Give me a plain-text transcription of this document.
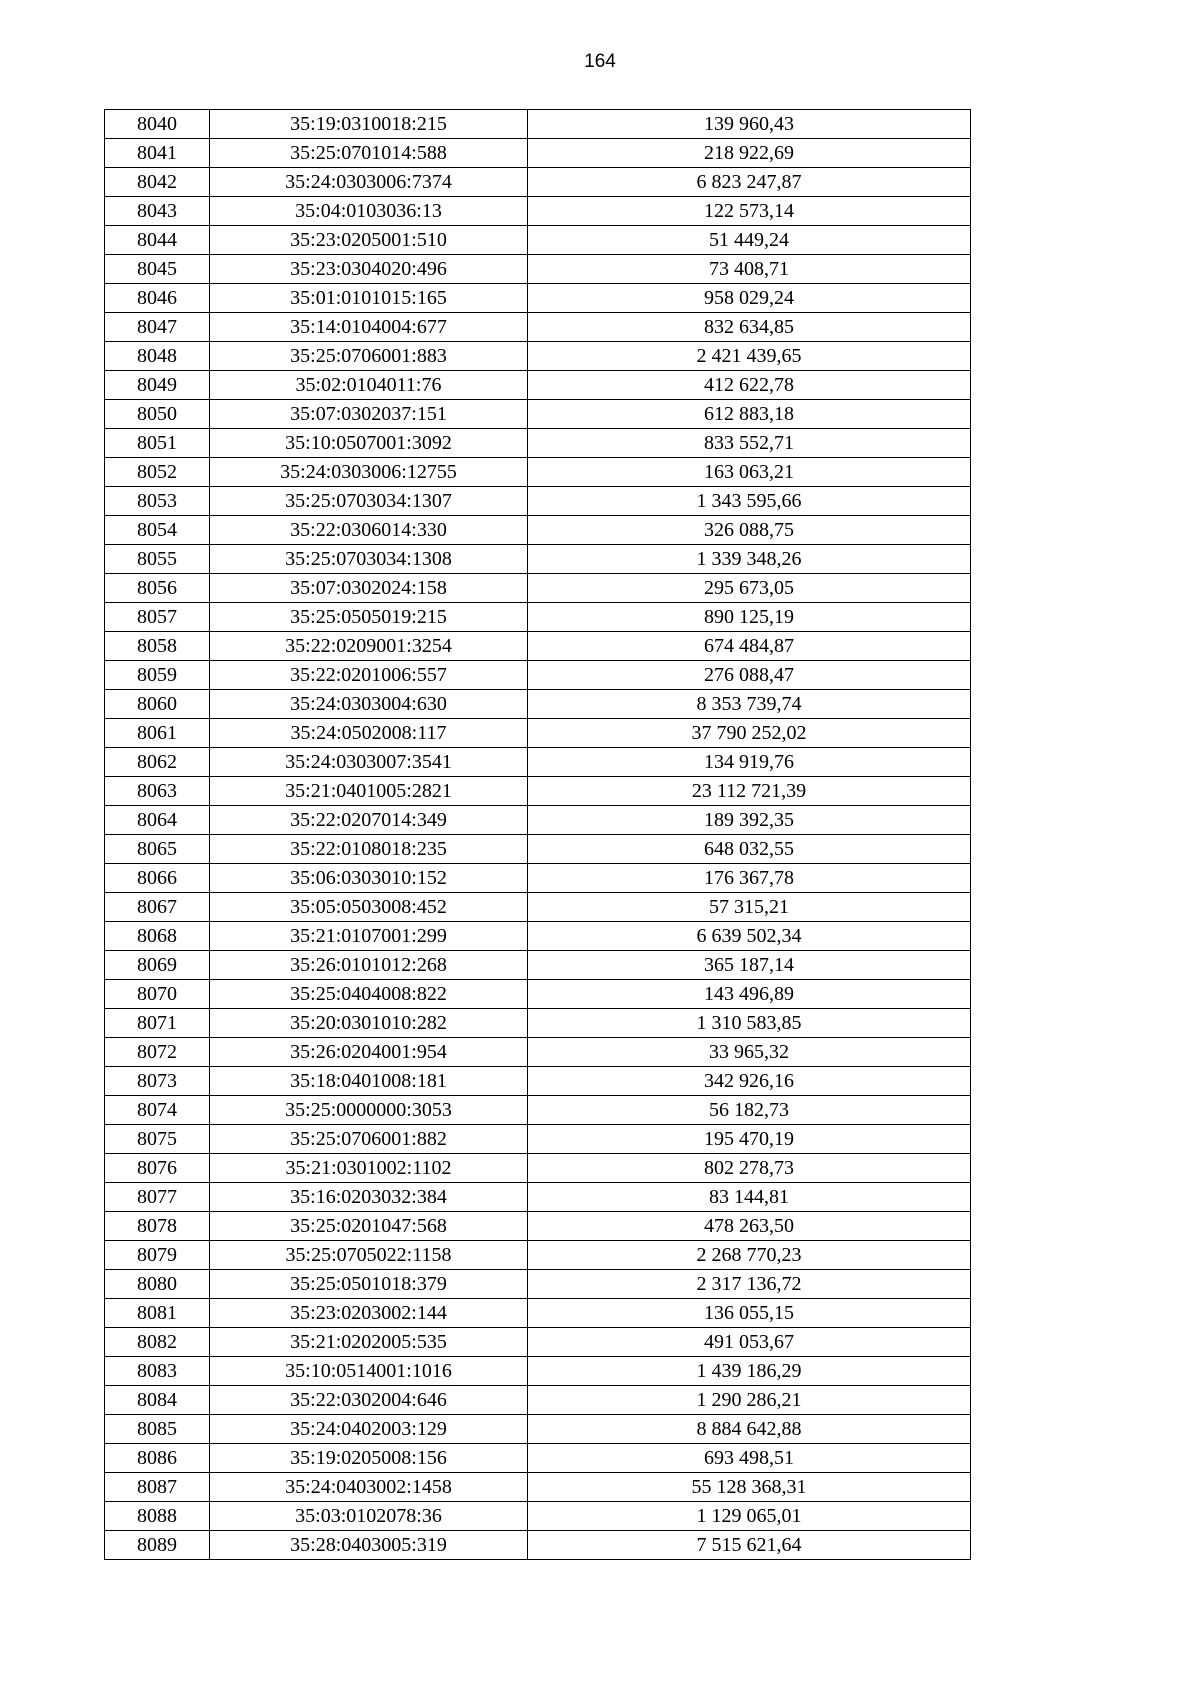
164
8040	35:19:0310018:215	139 960,43
8041	35:25:0701014:588	218 922,69
8042	35:24:0303006:7374	6 823 247,87
8043	35:04:0103036:13	122 573,14
8044	35:23:0205001:510	51 449,24
8045	35:23:0304020:496	73 408,71
8046	35:01:0101015:165	958 029,24
8047	35:14:0104004:677	832 634,85
8048	35:25:0706001:883	2 421 439,65
8049	35:02:0104011:76	412 622,78
8050	35:07:0302037:151	612 883,18
8051	35:10:0507001:3092	833 552,71
8052	35:24:0303006:12755	163 063,21
8053	35:25:0703034:1307	1 343 595,66
8054	35:22:0306014:330	326 088,75
8055	35:25:0703034:1308	1 339 348,26
8056	35:07:0302024:158	295 673,05
8057	35:25:0505019:215	890 125,19
8058	35:22:0209001:3254	674 484,87
8059	35:22:0201006:557	276 088,47
8060	35:24:0303004:630	8 353 739,74
8061	35:24:0502008:117	37 790 252,02
8062	35:24:0303007:3541	134 919,76
8063	35:21:0401005:2821	23 112 721,39
8064	35:22:0207014:349	189 392,35
8065	35:22:0108018:235	648 032,55
8066	35:06:0303010:152	176 367,78
8067	35:05:0503008:452	57 315,21
8068	35:21:0107001:299	6 639 502,34
8069	35:26:0101012:268	365 187,14
8070	35:25:0404008:822	143 496,89
8071	35:20:0301010:282	1 310 583,85
8072	35:26:0204001:954	33 965,32
8073	35:18:0401008:181	342 926,16
8074	35:25:0000000:3053	56 182,73
8075	35:25:0706001:882	195 470,19
8076	35:21:0301002:1102	802 278,73
8077	35:16:0203032:384	83 144,81
8078	35:25:0201047:568	478 263,50
8079	35:25:0705022:1158	2 268 770,23
8080	35:25:0501018:379	2 317 136,72
8081	35:23:0203002:144	136 055,15
8082	35:21:0202005:535	491 053,67
8083	35:10:0514001:1016	1 439 186,29
8084	35:22:0302004:646	1 290 286,21
8085	35:24:0402003:129	8 884 642,88
8086	35:19:0205008:156	693 498,51
8087	35:24:0403002:1458	55 128 368,31
8088	35:03:0102078:36	1 129 065,01
8089	35:28:0403005:319	7 515 621,64
